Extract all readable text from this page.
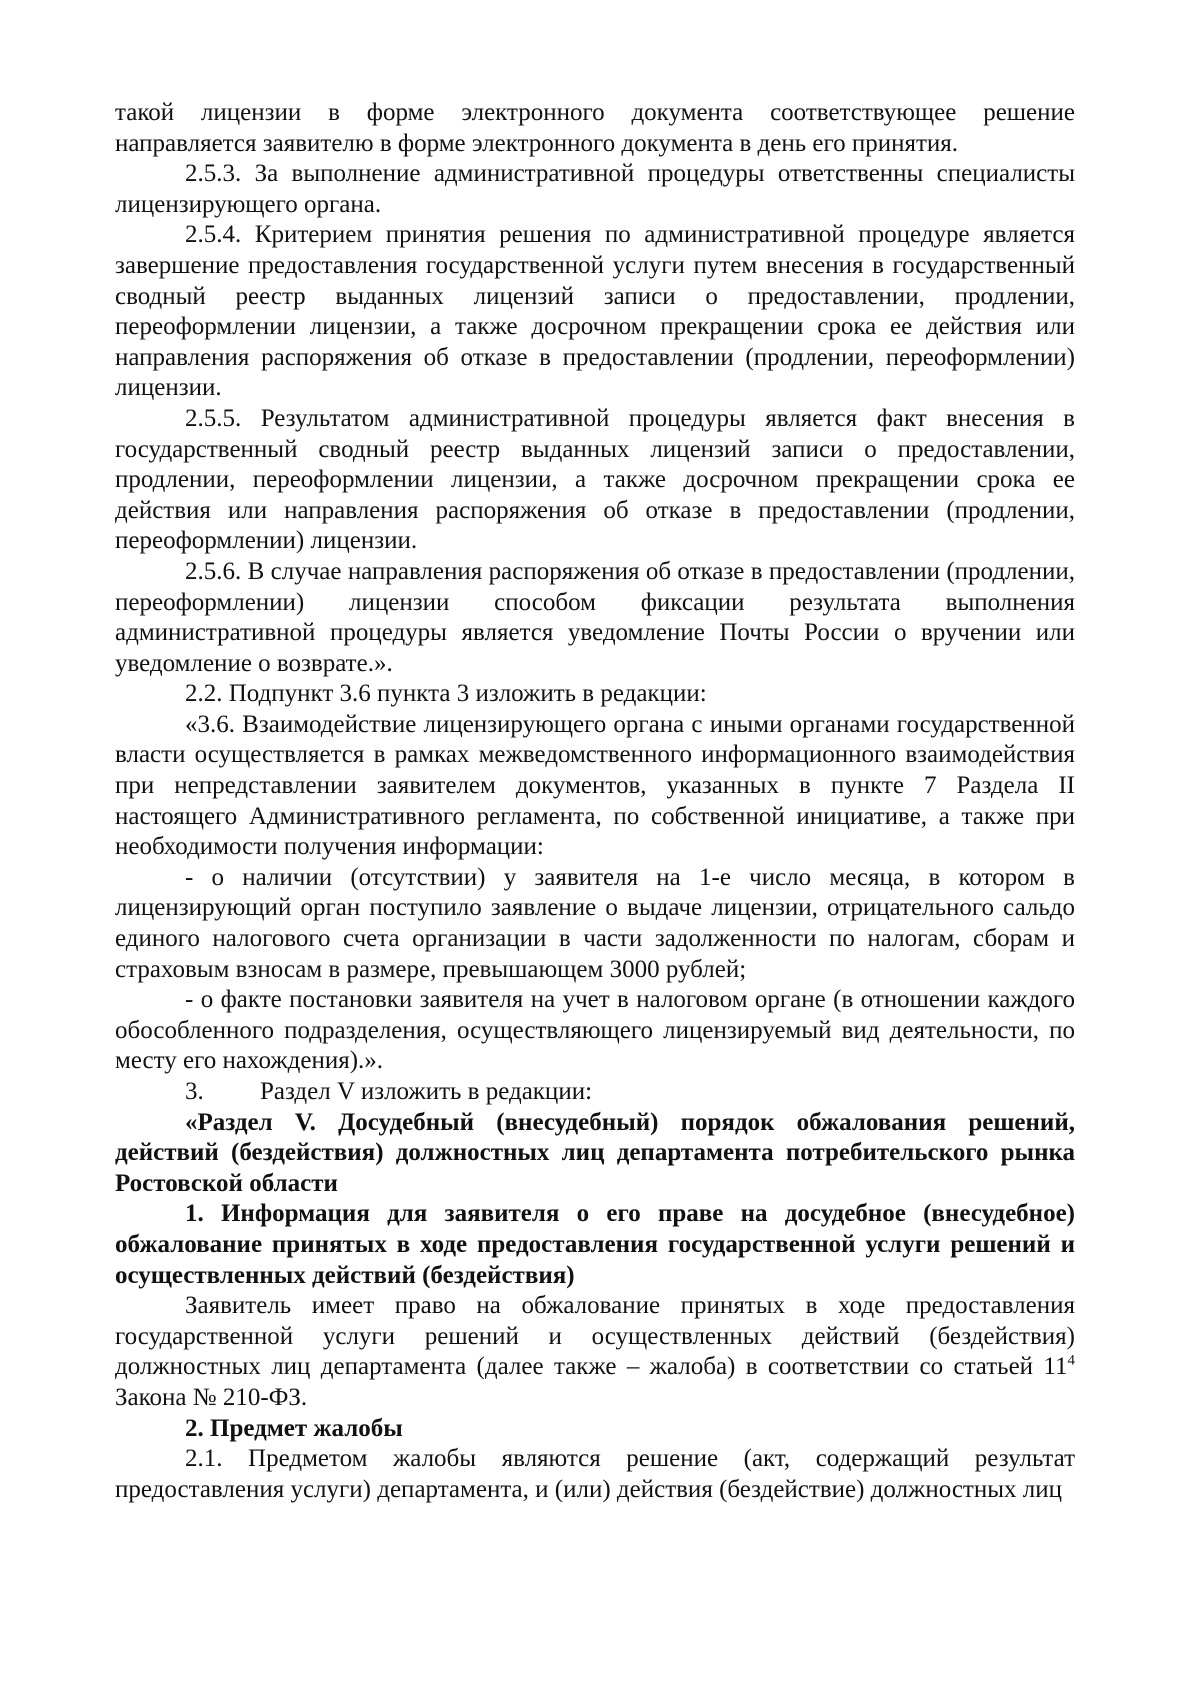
такой лицензии в форме электронного документа соответствующее решение направляется заявителю в форме электронного документа в день его принятия.

2.5.3. За выполнение административной процедуры ответственны специалисты лицензирующего органа.

2.5.4. Критерием принятия решения по административной процедуре является завершение предоставления государственной услуги путем внесения в государственный сводный реестр выданных лицензий записи о предоставлении, продлении, переоформлении лицензии, а также досрочном прекращении срока ее действия или направления распоряжения об отказе в предоставлении (продлении, переоформлении) лицензии.

2.5.5. Результатом административной процедуры является факт внесения в государственный сводный реестр выданных лицензий записи о предоставлении, продлении, переоформлении лицензии, а также досрочном прекращении срока ее действия или направления распоряжения об отказе в предоставлении (продлении, переоформлении) лицензии.

2.5.6. В случае направления распоряжения об отказе в предоставлении (продлении, переоформлении) лицензии способом фиксации результата выполнения административной процедуры является уведомление Почты России о вручении или уведомление о возврате.».

2.2. Подпункт 3.6 пункта 3 изложить в редакции:

«3.6. Взаимодействие лицензирующего органа с иными органами государственной власти осуществляется в рамках межведомственного информационного взаимодействия при непредставлении заявителем документов, указанных в пункте 7 Раздела II настоящего Административного регламента, по собственной инициативе, а также при необходимости получения информации:

- о наличии (отсутствии) у заявителя на 1-е число месяца, в котором в лицензирующий орган поступило заявление о выдаче лицензии, отрицательного сальдо единого налогового счета организации в части задолженности по налогам, сборам и страховым взносам в размере, превышающем 3000 рублей;

- о факте постановки заявителя на учет в налоговом органе (в отношении каждого обособленного подразделения, осуществляющего лицензируемый вид деятельности, по месту его нахождения).».

3. Раздел V изложить в редакции:

«Раздел V. Досудебный (внесудебный) порядок обжалования решений, действий (бездействия) должностных лиц департамента потребительского рынка Ростовской области

1. Информация для заявителя о его праве на досудебное (внесудебное) обжалование принятых в ходе предоставления государственной услуги решений и осуществленных действий (бездействия)

Заявитель имеет право на обжалование принятых в ходе предоставления государственной услуги решений и осуществленных действий (бездействия) должностных лиц департамента (далее также – жалоба) в соответствии со статьей $11^4$ Закона № 210-ФЗ.

2. Предмет жалобы

2.1. Предметом жалобы являются решение (акт, содержащий результат предоставления услуги) департамента, и (или) действия (бездействие) должностных лиц
